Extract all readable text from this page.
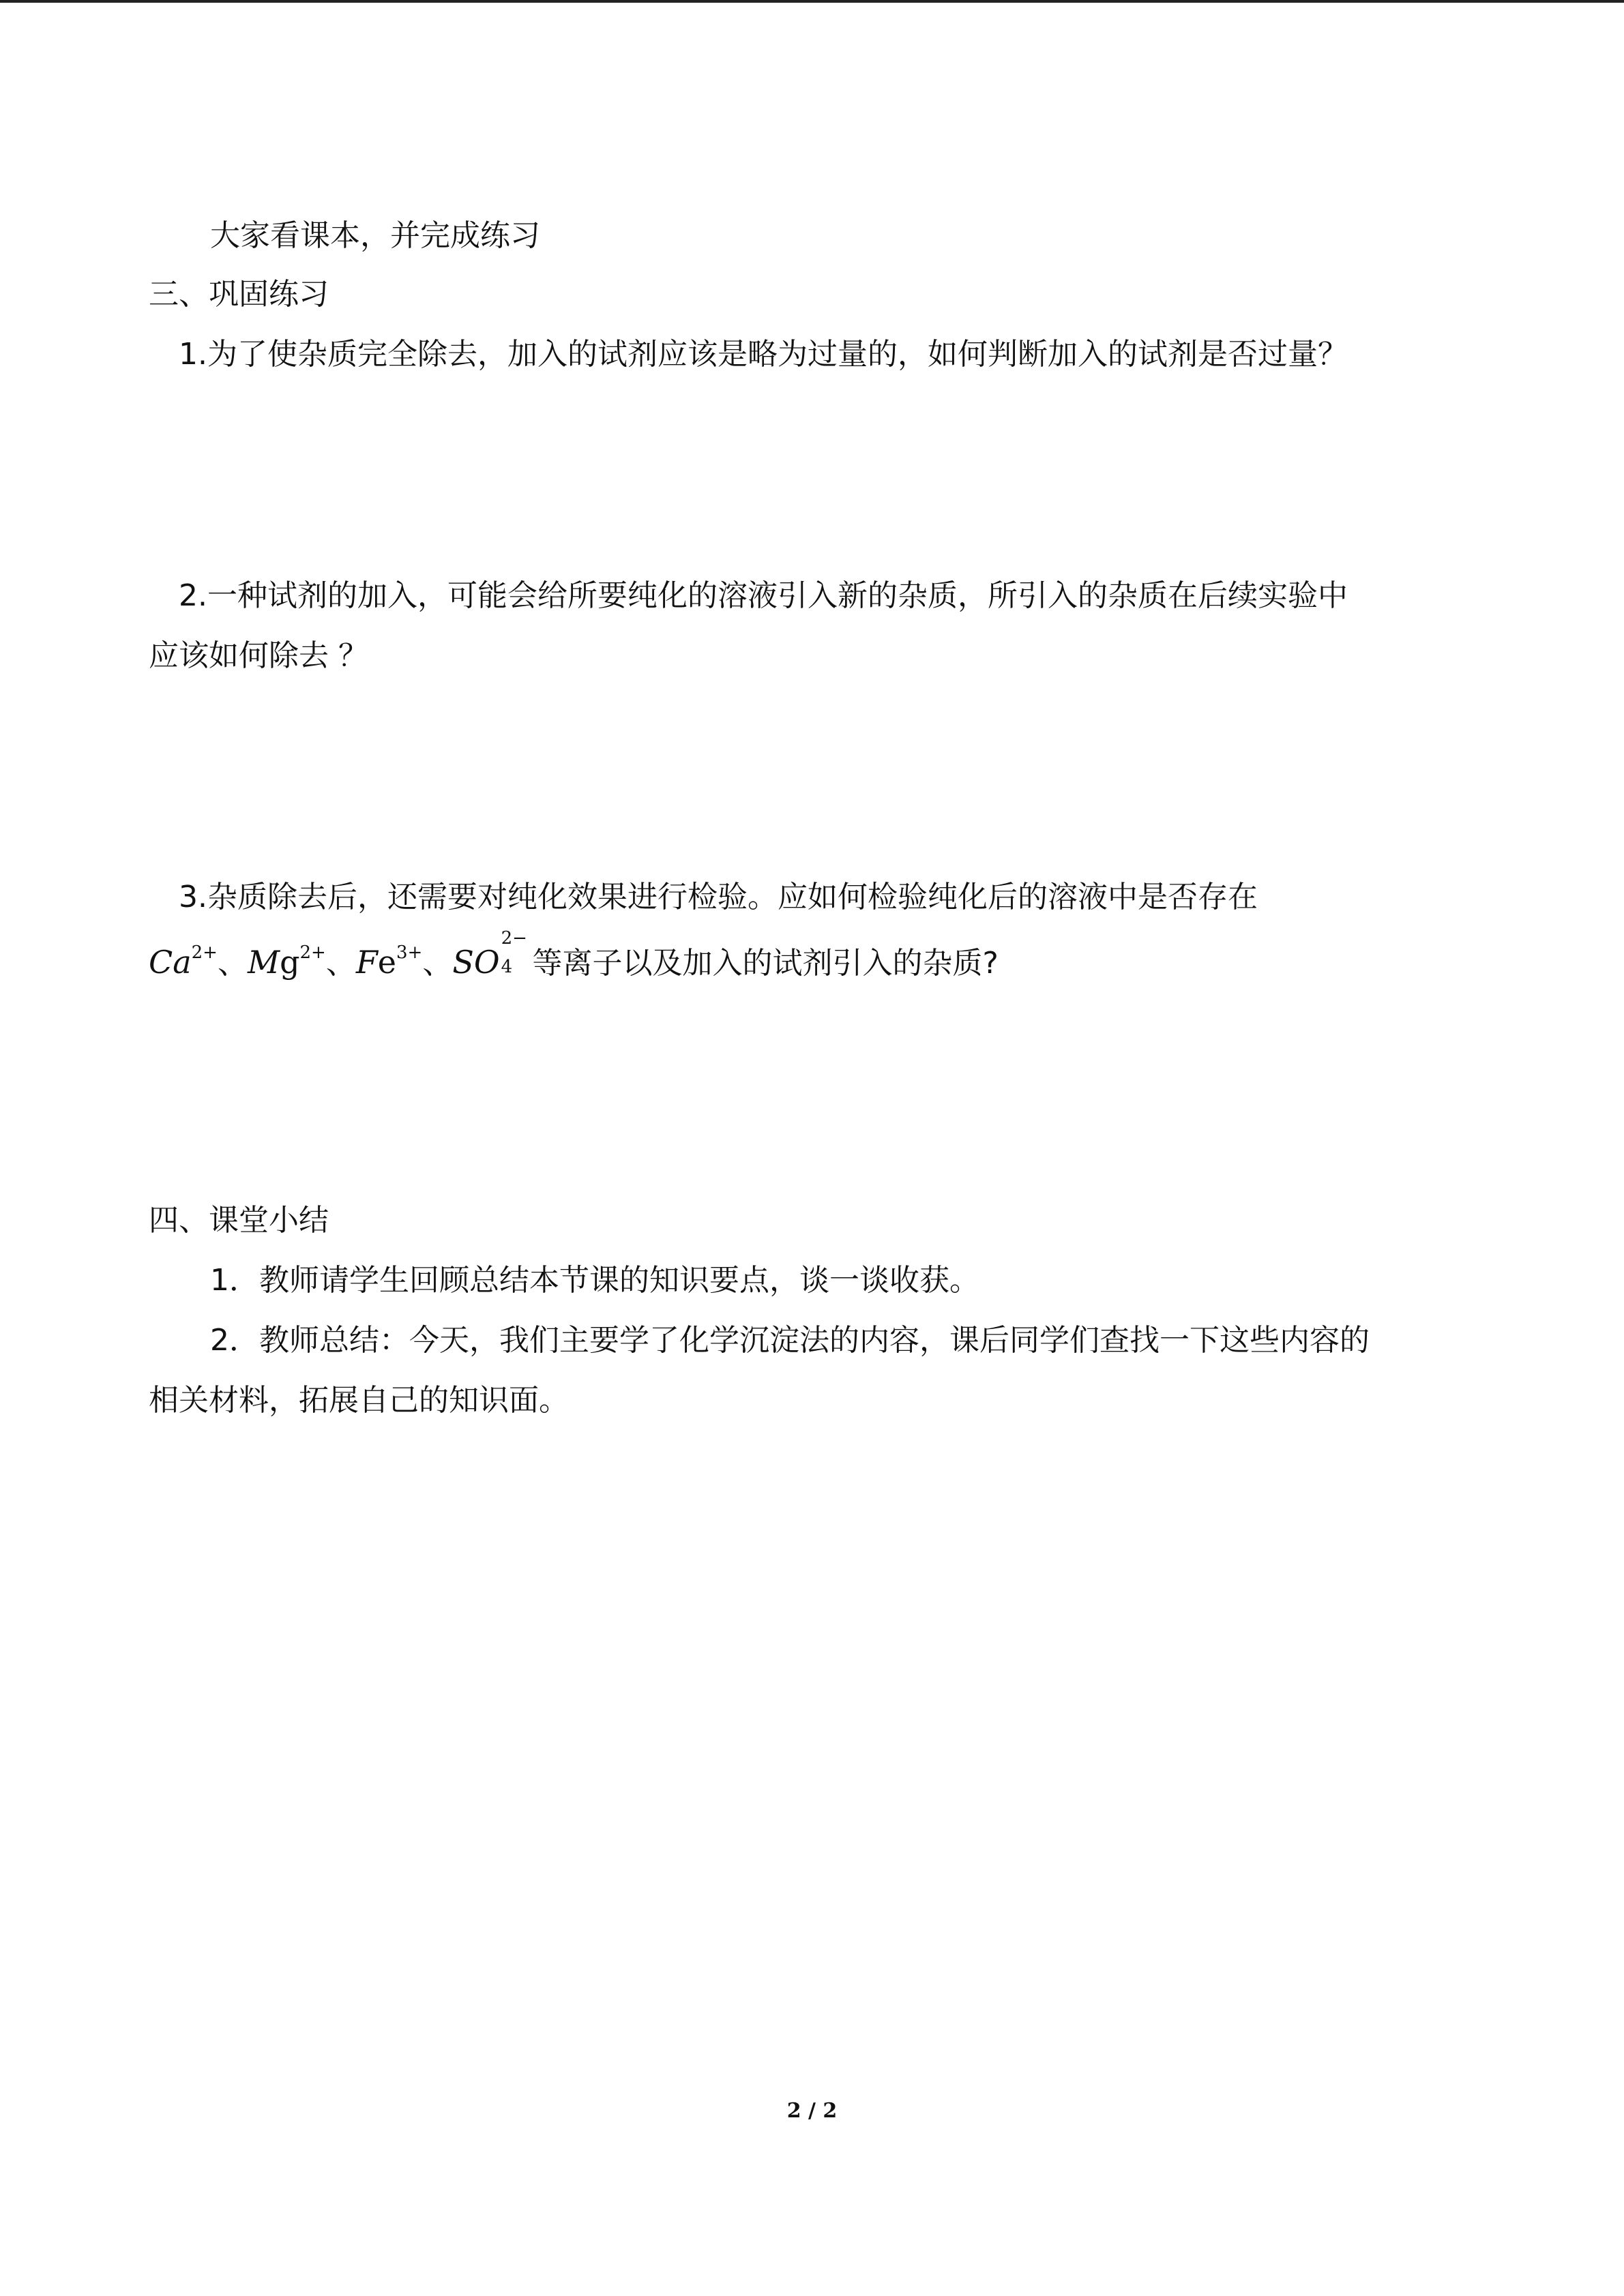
大家看课本，并完成练习
三、巩固练习
1.为了使杂质完全除去，加入的试剂应该是略为过量的，如何判断加入的试剂是否过量？
2.一种试剂的加入，可能会给所要纯化的溶液引入新的杂质，所引入的杂质在后续实验中
应该如何除去 ？
3.杂质除去后，还需要对纯化效果进行检验。应如何检验纯化后的溶液中是否存在
$Ca^{2+}$、$Mg^{2+}$、$Fe^{3+}$、SO
2−
4 等离子以及加入的试剂引入的杂质?
四、课堂小结
1．教师请学生回顾总结本节课的知识要点，谈一谈收获。
2．教师总结：今天，我们主要学了化学沉淀法的内容，课后同学们查找一下这些内容的
相关材料，拓展自己的知识面。
2 / 2
